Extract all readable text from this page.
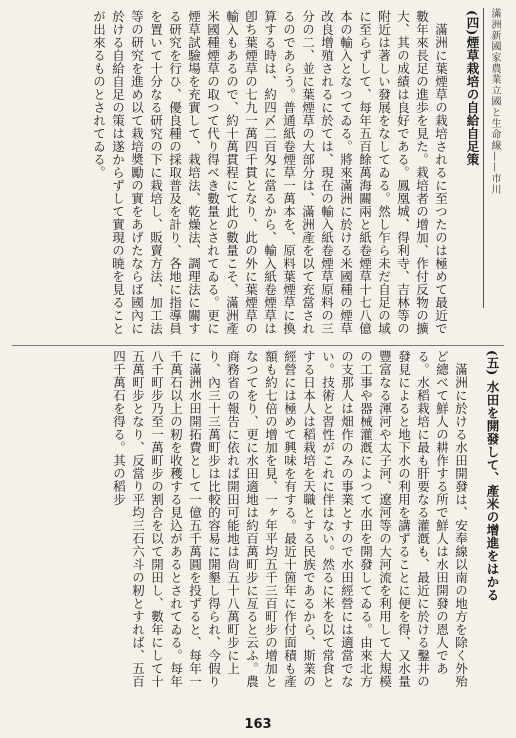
滿洲新國家農業立國と生命線——市川
(四)煙草栽培の自給自足策

滿洲に葉煙草の栽培されるに至つたのは極めて最近で數年來長足の進歩を見た。栽培者の增加、作付反物の擴大、其の成績は良好である。鳳凰城、得利寺、吉林等の附近は著しい發展をなしてゐる。然し乍ら未だ自足の域に至らずして、每年五百餘萬海關兩と紙卷煙草十七八億本の輸入となつてゐる。將來滿洲に於ける米國種の煙草改良增殖されるに於ては、現在の輸入紙卷煙草原料の三分の二、並に葉煙草の大部分は、滿洲產を以て充當されるのであらう。普通紙卷煙草一萬本を、原料葉煙草に換算する時は、約四〆二百匁に當るから、輸入紙卷煙草は卽ち葉煙草の七九一萬四千貫となり、此の外に葉煙草の輸入もあるので、約十萬貫程にて此の數量こそ、滿洲產米國種煙草の取つて代り得べき數量とされてゐる。更に煙草試驗場を充實して、栽培法、乾燥法、調理法に關する研究を行ひ、優良種の採取普及を計り、各地に指導員を置いて十分なる研究の下に栽培し、販賣方法、加工法等の研究を進め以て栽培奬勵の實をあげたならば國內に於ける自給自足の策は遂からずして實現の暁を見ることが出來るものとされてゐる。

(五) 水田を開發して、產米の增進をはかる

滿洲に於ける水田開發は、安奉線以南の地方を除く外殆ど總べて鮮人の耕作する所で鮮人は水田開發の恩人である。水稻栽培に最も肝要なる灌漑も、最近に於ける鑿井の發見によると地下水の利用を講ずることに便を得、又水量豐富なる渾河や太子河、遼河等の大河流を利用して大規模の工事や器械灌漑によつて水田を開發してゐる。由來北方の支那人は畑作のみの事業とすので水田經營には適當でない。技術と習性がこれに伴はない。然るに米を以て常食とする日本人は稻栽培を天職とする民族であるから、斯業の經營には極めて興味を有する。最近十箇年に作付面積も產額も約七倍の增加を見、一ヶ年平均五千三百町步の增加となつてをり、更に水田適地は約百萬町步に亙ると云ふ。農商務省の報告に依れば開田可能地は尙五十八萬町步に上り、內三十三萬町步は比較的容易に開墾し得られ、今假りに滿洲水田開拓費として一億五千萬圓を投ずると、每年一千萬石以上の籾を收穫する見込があるとされてゐる。每年八千町步乃至一萬町步の割合を以て開田し、數年にして十五萬町步となり、反當り平均三石六斗の籾とすれば、五百四千萬石を得る。其の稻步

163
